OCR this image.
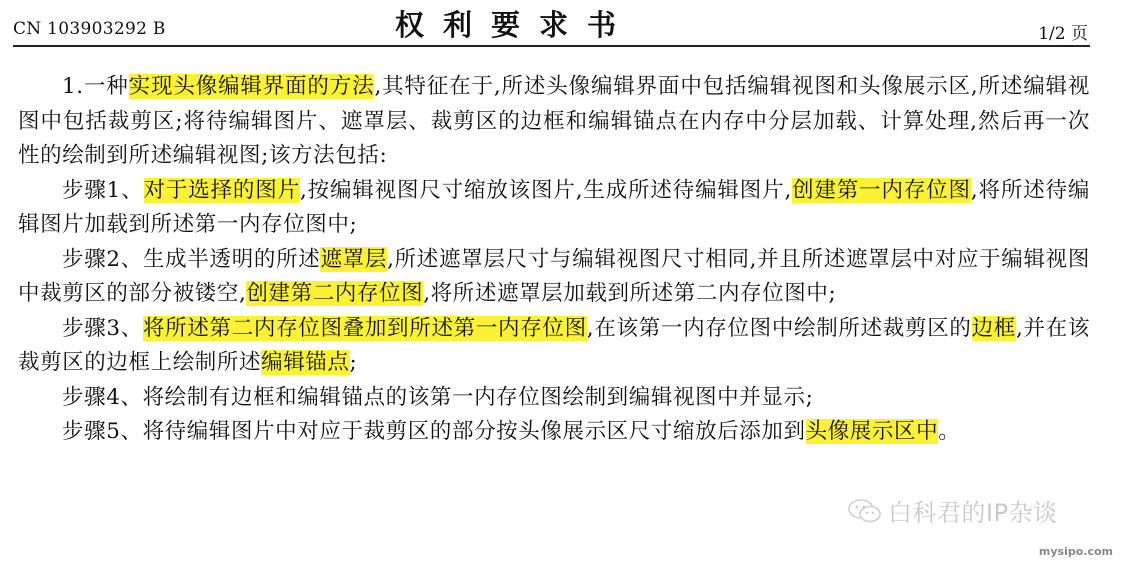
CN 103903292 B	权利要求书	1/2 页

1.一种实现头像编辑界面的方法,其特征在于,所述头像编辑界面中包括编辑视图和头像展示区,所述编辑视图中包括裁剪区;将待编辑图片、遮罩层、裁剪区的边框和编辑锚点在内存中分层加载、计算处理,然后再一次性的绘制到所述编辑视图;该方法包括:

步骤1、对于选择的图片,按编辑视图尺寸缩放该图片,生成所述待编辑图片,创建第一内存位图,将所述待编辑图片加载到所述第一内存位图中;

步骤2、生成半透明的所述遮罩层,所述遮罩层尺寸与编辑视图尺寸相同,并且所述遮罩层中对应于编辑视图中裁剪区的部分被镂空,创建第二内存位图,将所述遮罩层加载到所述第二内存位图中;

步骤3、将所述第二内存位图叠加到所述第一内存位图,在该第一内存位图中绘制所述裁剪区的边框,并在该裁剪区的边框上绘制所述编辑锚点;

步骤4、将绘制有边框和编辑锚点的该第一内存位图绘制到编辑视图中并显示;

步骤5、将待编辑图片中对应于裁剪区的部分按头像展示区尺寸缩放后添加到头像展示区中。

白科君的IP杂谈
mysipo.com
